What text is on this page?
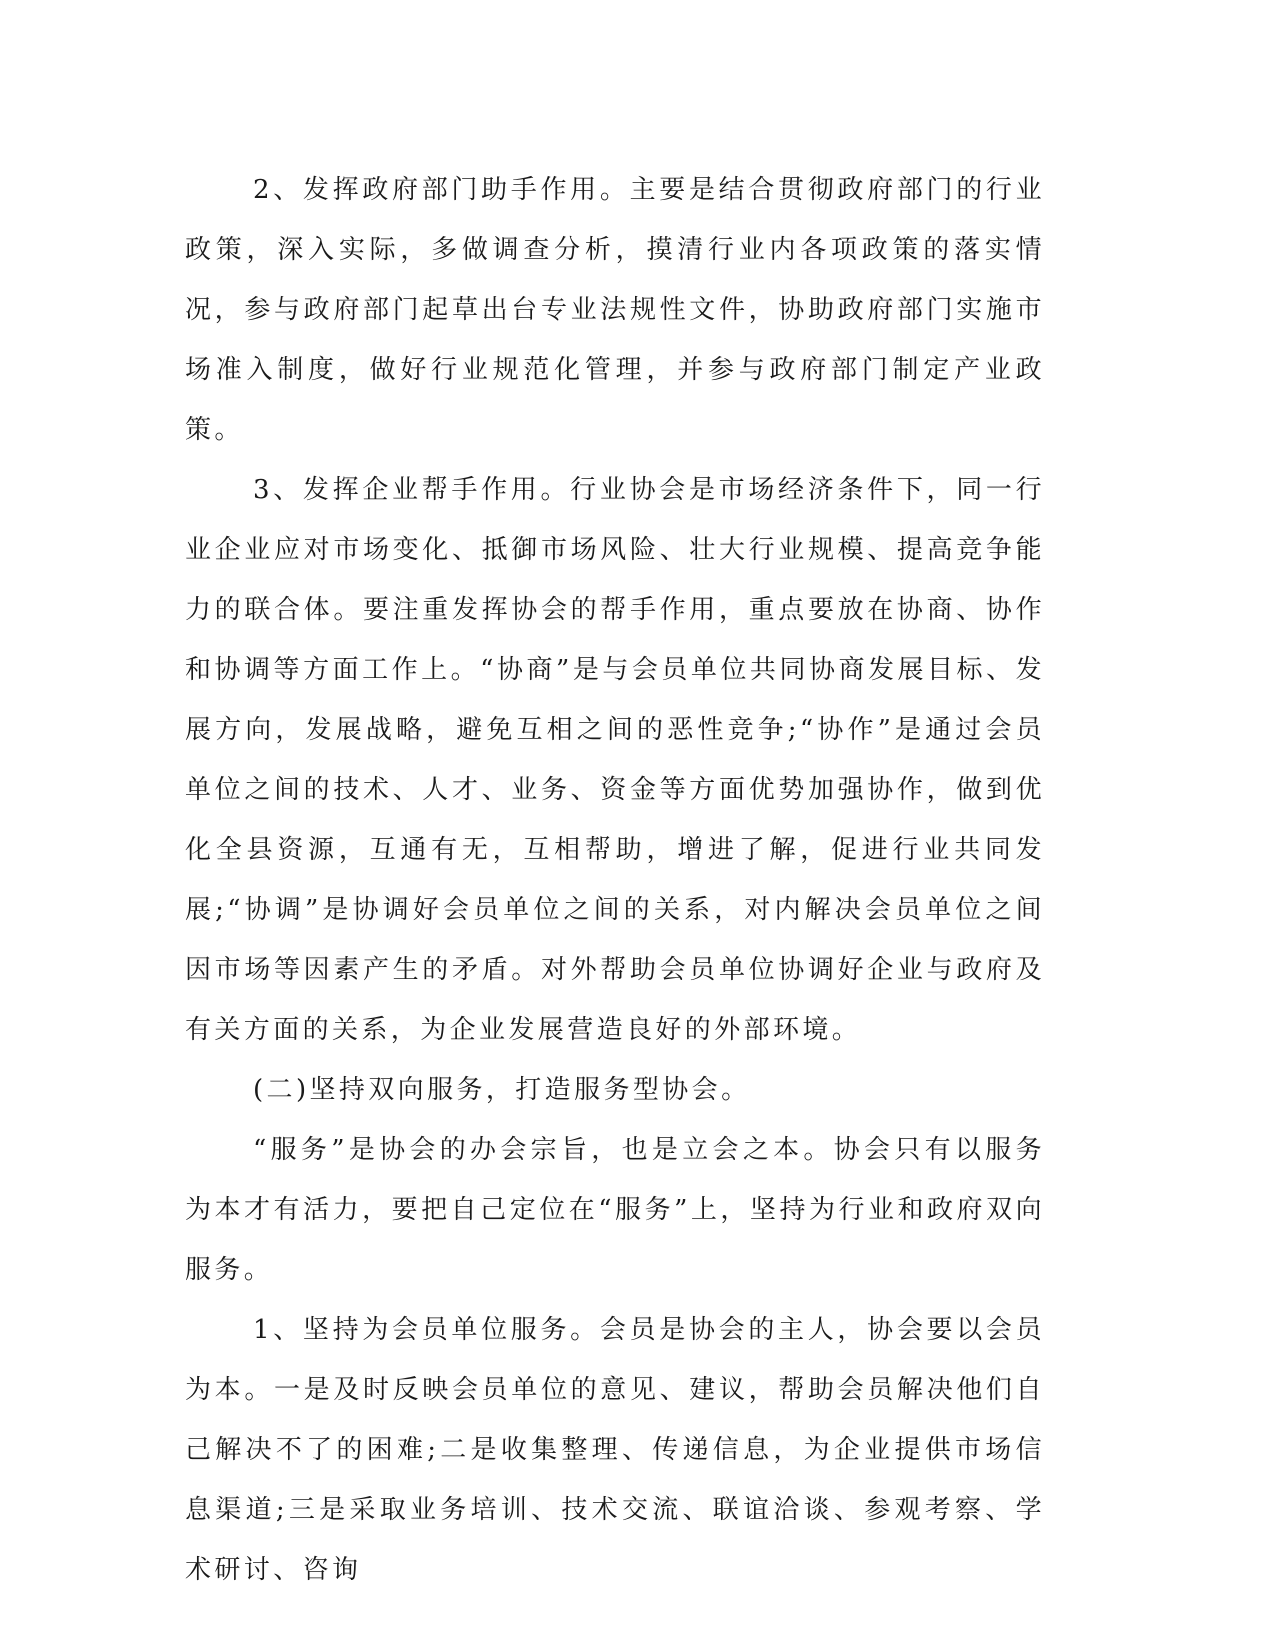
2、发挥政府部门助手作用。主要是结合贯彻政府部门的行业政策，深入实际，多做调查分析，摸清行业内各项政策的落实情况，参与政府部门起草出台专业法规性文件，协助政府部门实施市场准入制度，做好行业规范化管理，并参与政府部门制定产业政策。

3、发挥企业帮手作用。行业协会是市场经济条件下，同一行业企业应对市场变化、抵御市场风险、壮大行业规模、提高竞争能力的联合体。要注重发挥协会的帮手作用，重点要放在协商、协作和协调等方面工作上。“协商”是与会员单位共同协商发展目标、发展方向，发展战略，避免互相之间的恶性竞争;“协作”是通过会员单位之间的技术、人才、业务、资金等方面优势加强协作，做到优化全县资源，互通有无，互相帮助，增进了解，促进行业共同发展;“协调”是协调好会员单位之间的关系，对内解决会员单位之间因市场等因素产生的矛盾。对外帮助会员单位协调好企业与政府及有关方面的关系，为企业发展营造良好的外部环境。

(二)坚持双向服务，打造服务型协会。

“服务”是协会的办会宗旨，也是立会之本。协会只有以服务为本才有活力，要把自己定位在“服务”上，坚持为行业和政府双向服务。

1、坚持为会员单位服务。会员是协会的主人，协会要以会员为本。一是及时反映会员单位的意见、建议，帮助会员解决他们自己解决不了的困难;二是收集整理、传递信息，为企业提供市场信息渠道;三是采取业务培训、技术交流、联谊洽谈、参观考察、学术研讨、咨询
